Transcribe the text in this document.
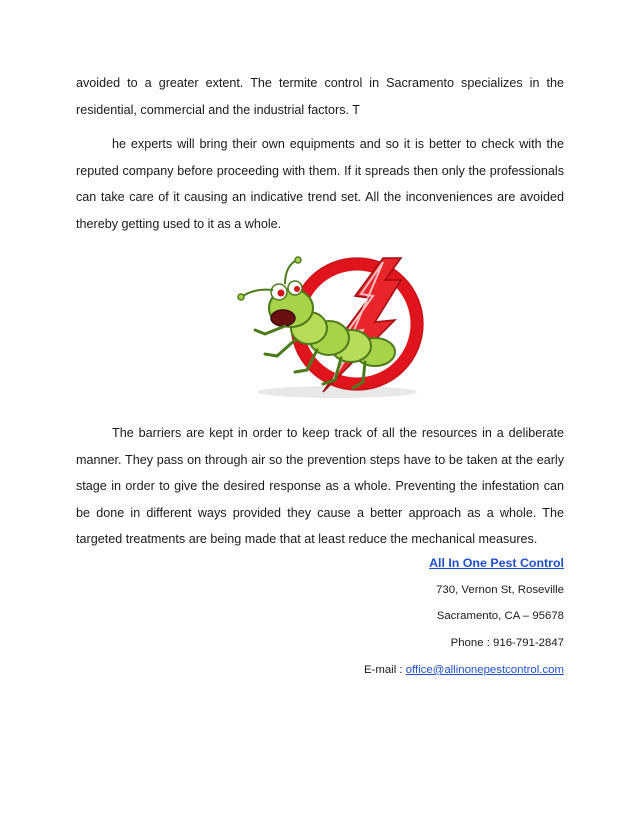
avoided to a greater extent. The termite control in Sacramento specializes in the residential, commercial and the industrial factors. T

he experts will bring their own equipments and so it is better to check with the reputed company before proceeding with them. If it spreads then only the professionals can take care of it causing an indicative trend set. All the inconveniences are avoided thereby getting used to it as a whole.

The barriers are kept in order to keep track of all the resources in a deliberate manner. They pass on through air so the prevention steps have to be taken at the early stage in order to give the desired response as a whole. Preventing the infestation can be done in different ways provided they cause a better approach as a whole. The targeted treatments are being made that at least reduce the mechanical measures.

All In One Pest Control

730, Vernon St, Roseville

Sacramento, CA – 95678

Phone : 916-791-2847

E-mail : office@allinonepestcontrol.com
